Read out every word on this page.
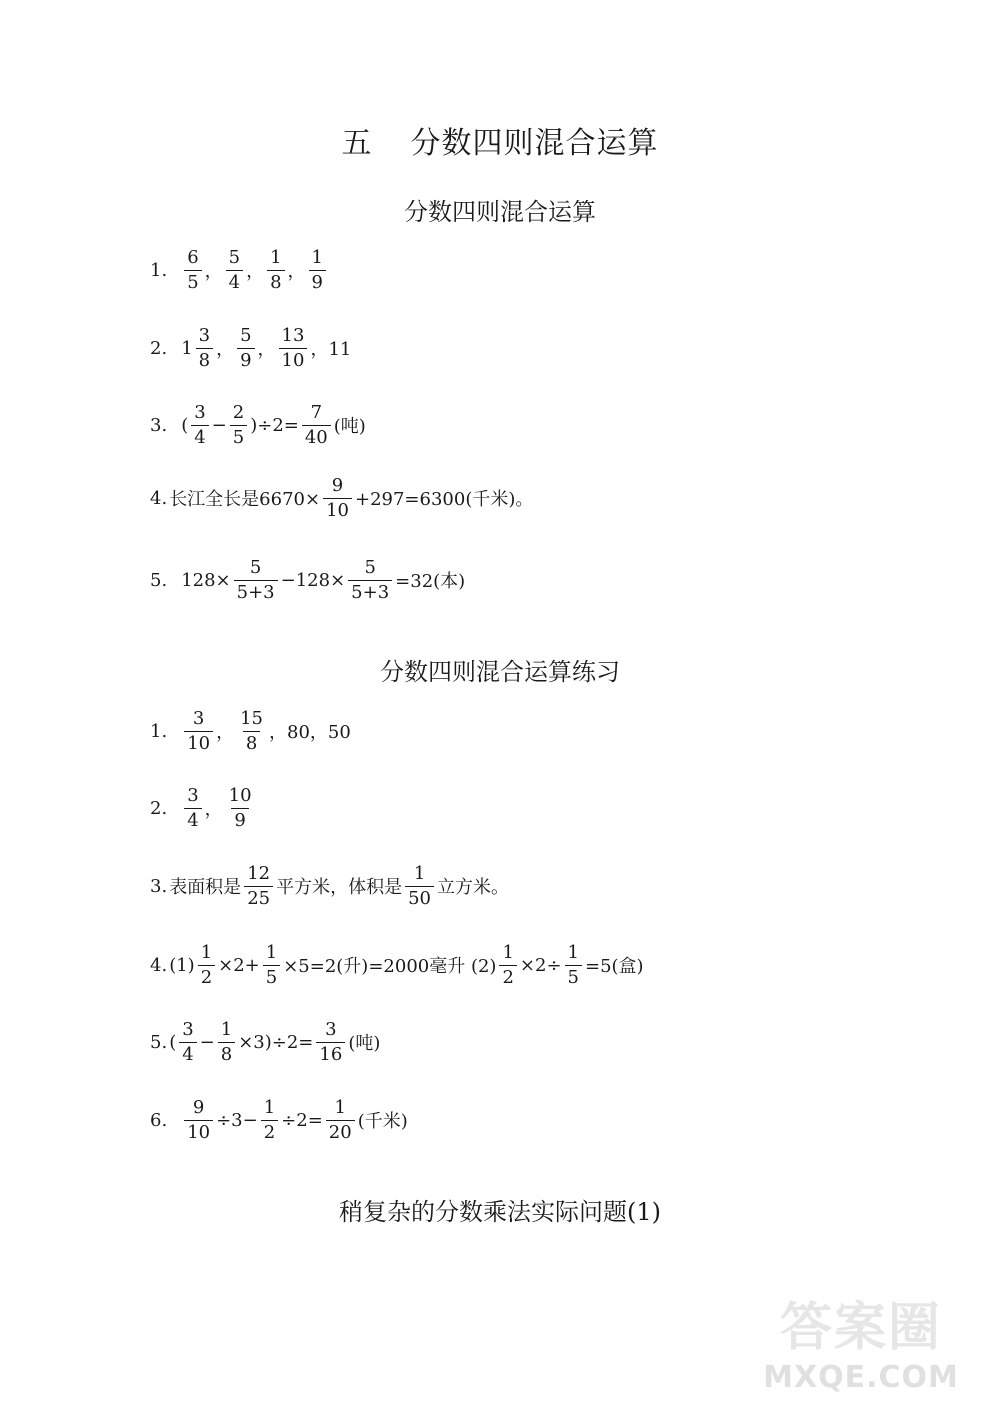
五 分数四则混合运算
分数四则混合运算
1. $\frac{6}{5}$ ， $\frac{5}{4}$ ， $\frac{1}{8}$ ， $\frac{1}{9}$
2. $1 \frac{3}{8}$ ， $\frac{5}{9}$ ， $\frac{13}{10}$ ，11
3. ( $\frac{3}{4} - \frac{2}{5} )\div 2= \frac{7}{40}$ (吨)
4. 长江全长是$6670\times \frac{9}{10} +297=6300$(千米)。
5. $128\times \frac{5}{5+3} -128\times \frac{5}{5+3} =32$(本)
分数四则混合运算练习
1. $\frac{3}{10}$ ， $\frac{15}{8}$ ，80，50
2. $\frac{3}{4}$ ， $\frac{10}{9}$
3. 表面积是 $\frac{12}{25}$ 平方米，体积是 $\frac{1}{50}$ 立方米。
4. $(1) \frac{1}{2} \times 2+ \frac{1}{5} \times 5=2$(升)=2000毫升 $(2) \frac{1}{2} \times 2\div \frac{1}{5} =5$(盒)
5. ( $\frac{3}{4} - \frac{1}{8} \times 3)\div 2= \frac{3}{16}$ (吨)
6. $\frac{9}{10} \div 3- \frac{1}{2} \div 2= \frac{1}{20}$ (千米)
稍复杂的分数乘法实际问题(1)
答案圈
MXQE.COM
